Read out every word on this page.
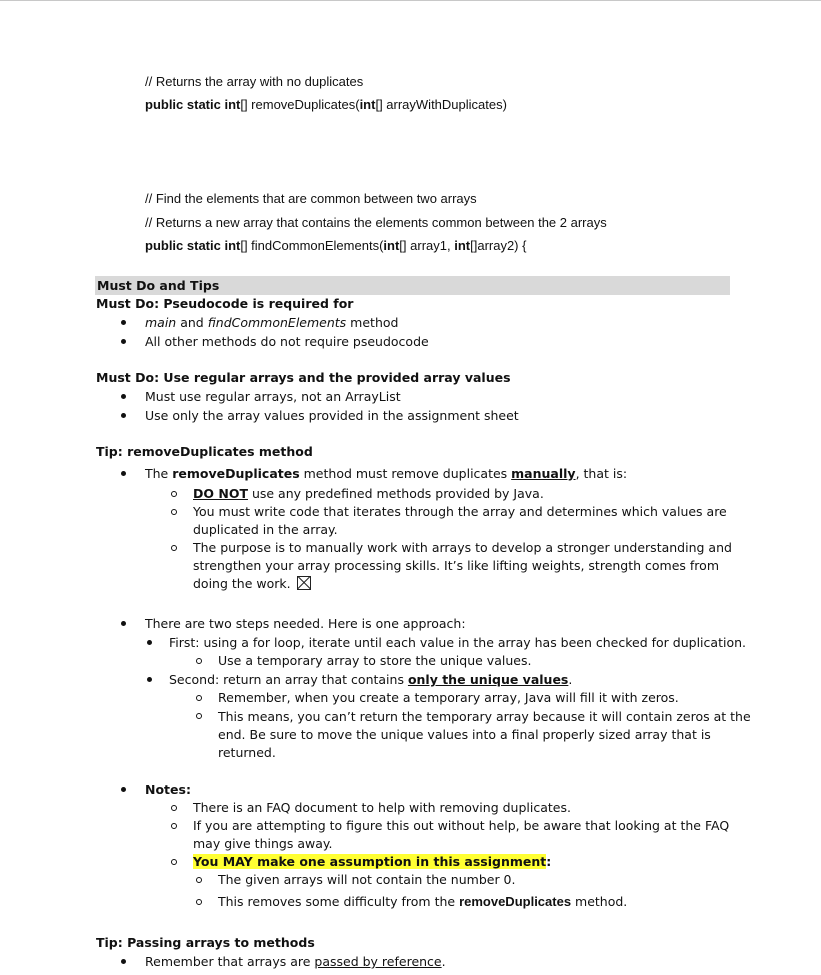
// Returns the array with no duplicates
public static int[] removeDuplicates(int[] arrayWithDuplicates)
// Find the elements that are common between two arrays
// Returns a new array that contains the elements common between the 2 arrays
public static int[] findCommonElements(int[] array1, int[]array2) {
Must Do and Tips
Must Do: Pseudocode is required for
main and findCommonElements method
All other methods do not require pseudocode
Must Do: Use regular arrays and the provided array values
Must use regular arrays, not an ArrayList
Use only the array values provided in the assignment sheet
Tip: removeDuplicates method
The removeDuplicates method must remove duplicates manually, that is:
DO NOT use any predefined methods provided by Java.
You must write code that iterates through the array and determines which values are
duplicated in the array.
The purpose is to manually work with arrays to develop a stronger understanding and
strengthen your array processing skills. It’s like lifting weights, strength comes from
doing the work.
There are two steps needed. Here is one approach:
First: using a for loop, iterate until each value in the array has been checked for duplication.
Use a temporary array to store the unique values.
Second: return an array that contains only the unique values.
Remember, when you create a temporary array, Java will fill it with zeros.
This means, you can’t return the temporary array because it will contain zeros at the
end. Be sure to move the unique values into a final properly sized array that is
returned.
Notes:
There is an FAQ document to help with removing duplicates.
If you are attempting to figure this out without help, be aware that looking at the FAQ
may give things away.
You MAY make one assumption in this assignment:
The given arrays will not contain the number 0.
This removes some difficulty from the removeDuplicates method.
Tip: Passing arrays to methods
Remember that arrays are passed by reference.
